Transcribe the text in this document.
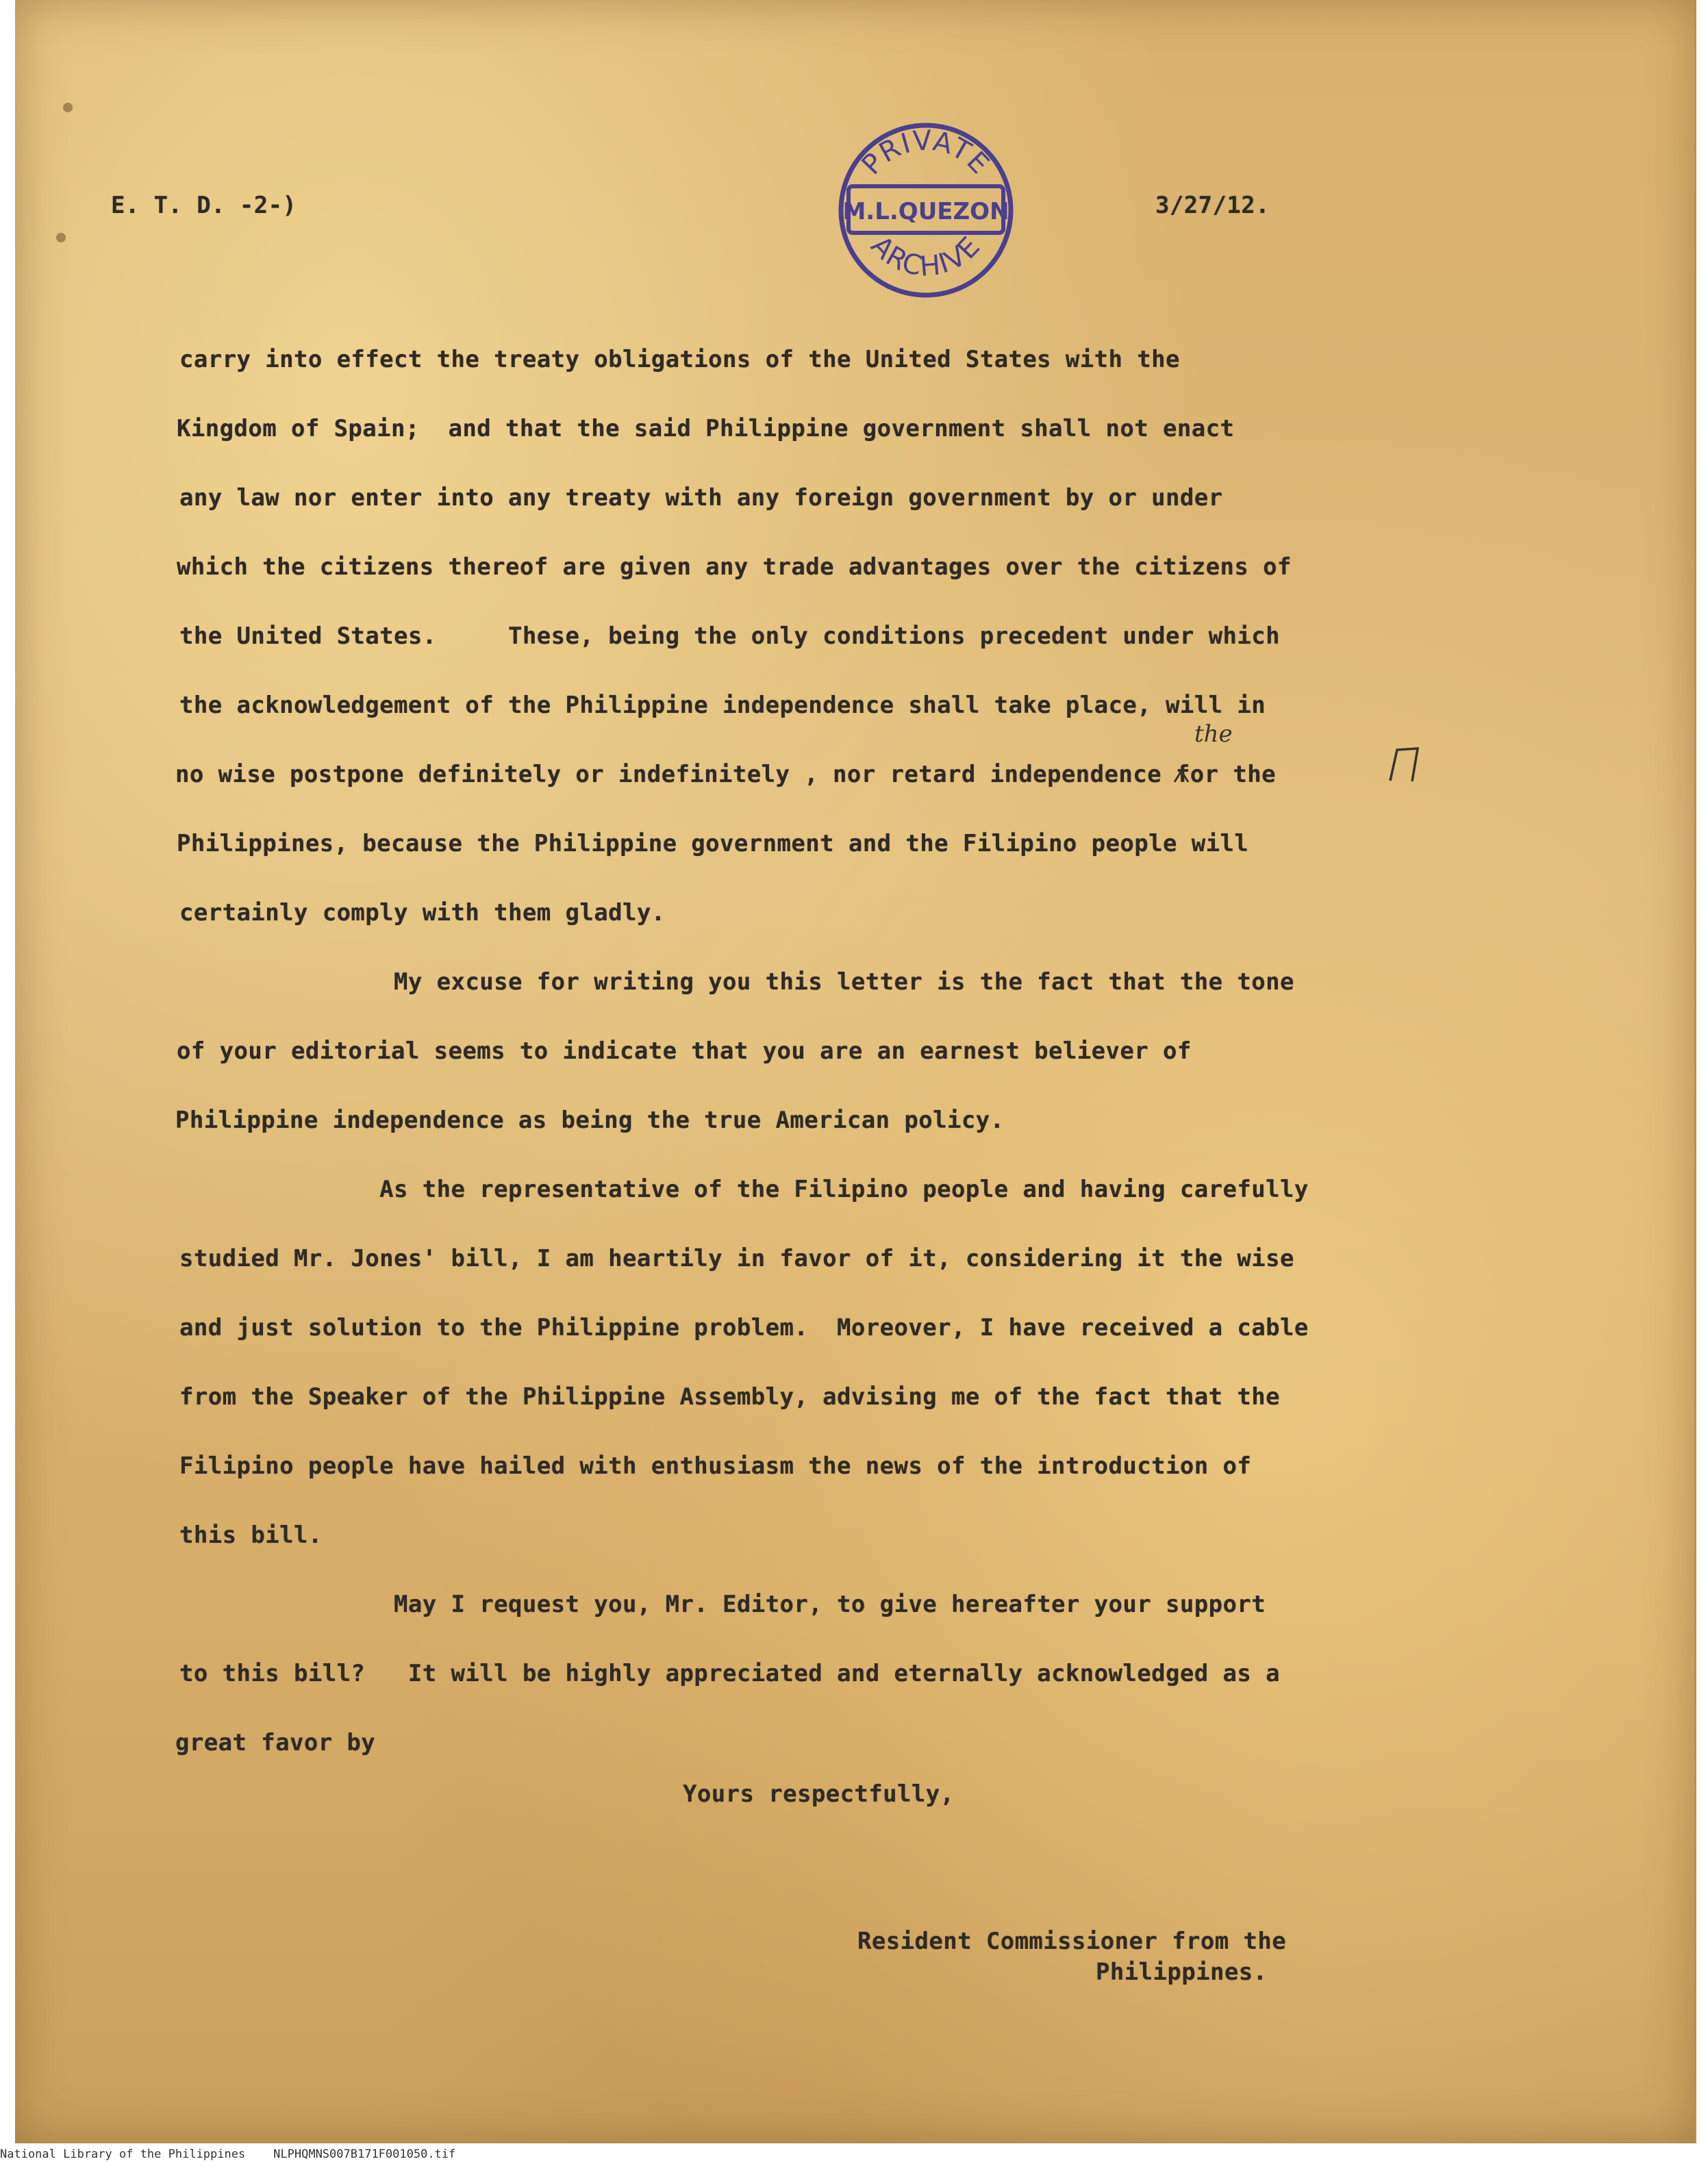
E. T. D. -2-)	3/27/12.
PRIVATE
M.L.QUEZON
ARCHIVE
carry into effect the treaty obligations of the United States with the
Kingdom of Spain;  and that the said Philippine government shall not enact
any law nor enter into any treaty with any foreign government by or under
which the citizens thereof are given any trade advantages over the citizens of
the United States.     These, being the only conditions precedent under which
the acknowledgement of the Philippine independence shall take place, will in
no wise postpone definitely or indefinitely , nor retard independence for the
Philippines, because the Philippine government and the Filipino people will
certainly comply with them gladly.
My excuse for writing you this letter is the fact that the tone
of your editorial seems to indicate that you are an earnest believer of
Philippine independence as being the true American policy.
As the representative of the Filipino people and having carefully
studied Mr. Jones' bill, I am heartily in favor of it, considering it the wise
and just solution to the Philippine problem.  Moreover, I have received a cable
from the Speaker of the Philippine Assembly, advising me of the fact that the
Filipino people have hailed with enthusiasm the news of the introduction of
this bill.
May I request you, Mr. Editor, to give hereafter your support
to this bill?   It will be highly appreciated and eternally acknowledged as a
great favor by
the
Yours respectfully,
Resident Commissioner from the
Philippines.
National Library of the Philippines    NLPHQMNS007B171F001050.tif
